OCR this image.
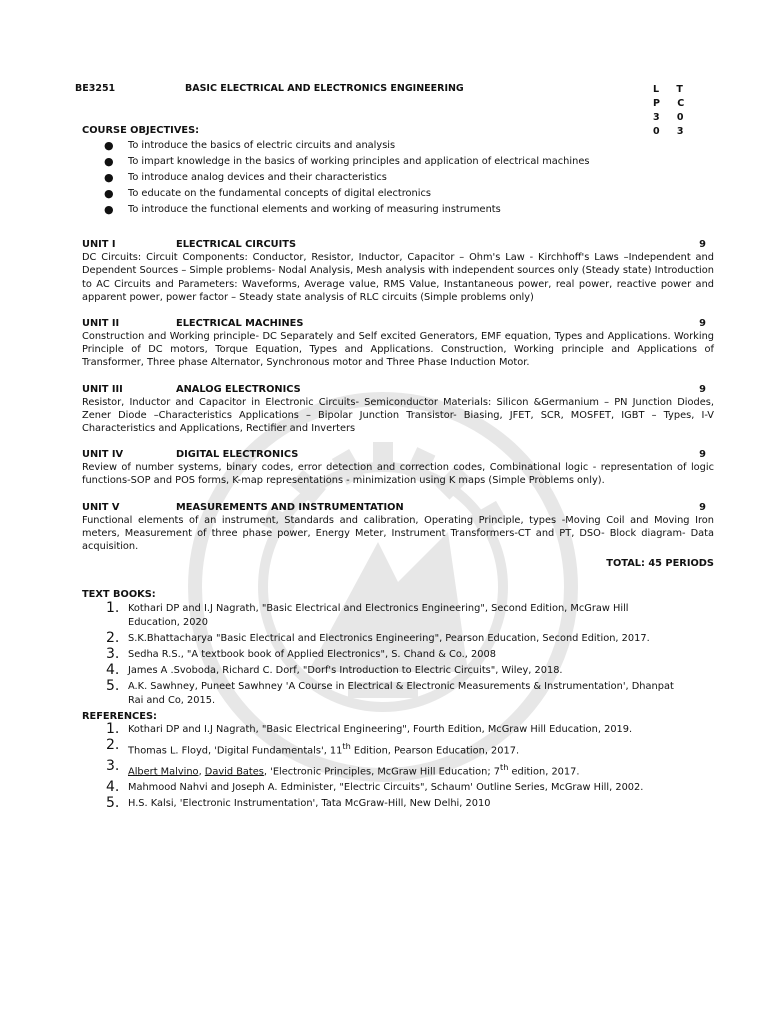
BE3251	BASIC ELECTRICAL AND ELECTRONICS ENGINEERING	L T P C
3 0 0 3
COURSE OBJECTIVES:
● To introduce the basics of electric circuits and analysis
● To impart knowledge in the basics of working principles and application of electrical machines
● To introduce analog devices and their characteristics
● To educate on the fundamental concepts of digital electronics
● To introduce the functional elements and working of measuring instruments
UNIT I	ELECTRICAL CIRCUITS	9
DC Circuits: Circuit Components: Conductor, Resistor, Inductor, Capacitor – Ohm's Law - Kirchhoff's Laws –Independent and Dependent Sources – Simple problems- Nodal Analysis, Mesh analysis with independent sources only (Steady state) Introduction to AC Circuits and Parameters: Waveforms, Average value, RMS Value, Instantaneous power, real power, reactive power and apparent power, power factor – Steady state analysis of RLC circuits (Simple problems only)
UNIT II	ELECTRICAL MACHINES	9
Construction and Working principle- DC Separately and Self excited Generators, EMF equation, Types and Applications. Working Principle of DC motors, Torque Equation, Types and Applications. Construction, Working principle and Applications of Transformer, Three phase Alternator, Synchronous motor and Three Phase Induction Motor.
UNIT III	ANALOG ELECTRONICS	9
Resistor, Inductor and Capacitor in Electronic Circuits- Semiconductor Materials: Silicon &Germanium – PN Junction Diodes, Zener Diode –Characteristics Applications – Bipolar Junction Transistor- Biasing, JFET, SCR, MOSFET, IGBT – Types, I-V Characteristics and Applications, Rectifier and Inverters
UNIT IV	DIGITAL ELECTRONICS	9
Review of number systems, binary codes, error detection and correction codes, Combinational logic - representation of logic functions-SOP and POS forms, K-map representations - minimization using K maps (Simple Problems only).
UNIT V	MEASUREMENTS AND INSTRUMENTATION	9
Functional elements of an instrument, Standards and calibration, Operating Principle, types -Moving Coil and Moving Iron meters, Measurement of three phase power, Energy Meter, Instrument Transformers-CT and PT, DSO- Block diagram- Data acquisition.
TOTAL: 45 PERIODS
TEXT BOOKS:
1. Kothari DP and I.J Nagrath, "Basic Electrical and Electronics Engineering", Second Edition, McGraw Hill Education, 2020
2. S.K.Bhattacharya "Basic Electrical and Electronics Engineering", Pearson Education, Second Edition, 2017.
3. Sedha R.S., "A textbook book of Applied Electronics", S. Chand & Co., 2008
4. James A .Svoboda, Richard C. Dorf, "Dorf's Introduction to Electric Circuits", Wiley, 2018.
5. A.K. Sawhney, Puneet Sawhney 'A Course in Electrical & Electronic Measurements & Instrumentation', Dhanpat Rai and Co, 2015.
REFERENCES:
1. Kothari DP and I.J Nagrath, "Basic Electrical Engineering", Fourth Edition, McGraw Hill Education, 2019.
2. Thomas L. Floyd, 'Digital Fundamentals', 11th Edition, Pearson Education, 2017.
3. Albert Malvino, David Bates, 'Electronic Principles, McGraw Hill Education; 7th edition, 2017.
4. Mahmood Nahvi and Joseph A. Edminister, "Electric Circuits", Schaum' Outline Series, McGraw Hill, 2002.
5. H.S. Kalsi, 'Electronic Instrumentation', Tata McGraw-Hill, New Delhi, 2010
